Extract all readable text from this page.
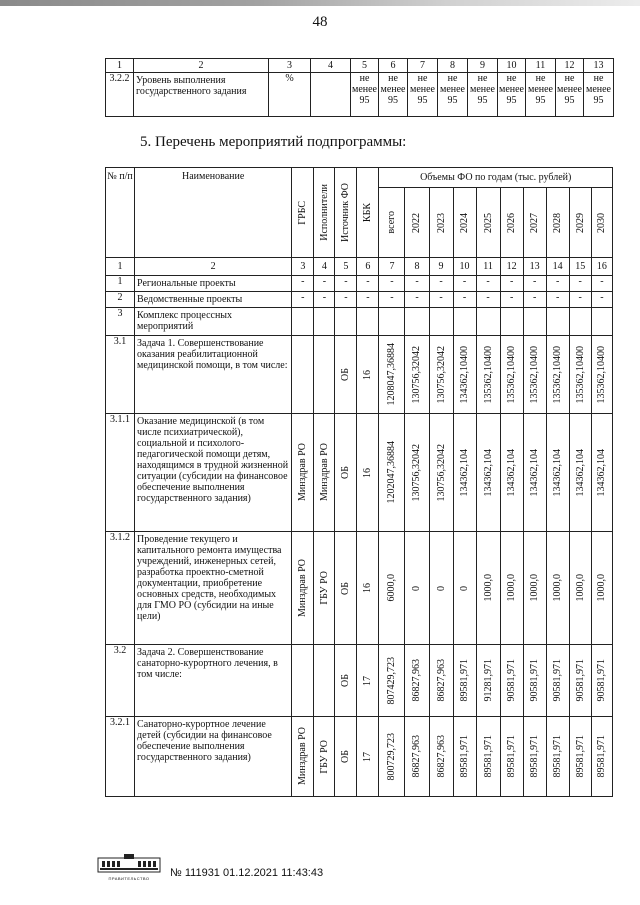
48
1	2	3	4	5	6	7	8	9	10	11	12	13
3.2.2	Уровень выполнения государственного задания	%		не менее 95	не менее 95	не менее 95	не менее 95	не менее 95	не менее 95	не менее 95	не менее 95	не менее 95
5. Перечень мероприятий подпрограммы:
№ п/п	Наименование	ГРБС	Исполнители	Источник ФО	КБК	Объемы ФО по годам (тыс. рублей)									

						всего	2022	2023	2024	2025	2026	2027	2028	2029	2030

1	2	3	4	5	6	7	8	9	10	11	12	13	14	15	16
1	Региональные проекты	-	-	-	-	-	-	-	-	-	-	-	-	-	-
2	Ведомственные проекты	-	-	-	-	-	-	-	-	-	-	-	-	-	-
3	Комплекс процессных мероприятий	

3.1	Задача 1. Совершенствование оказания реабилитационной медицинской помощи, в том числе:			ОБ	16	1208047,36884	130756,32042	130756,32042	134362,10400	135362,10400	135362,10400	135362,10400	135362,10400	135362,10400	135362,10400

3.1.1	Оказание медицинской (в том числе психиатрической), социальной и психолого-педагогической помощи детям, находящимся в трудной жизненной ситуации (субсидии на финансовое обеспечение выполнения государственного задания)	Минздрав РО	Минздрав РО	ОБ	16	1202047,36884	130756,32042	130756,32042	134362,104	134362,104	134362,104	134362,104	134362,104	134362,104	134362,104

3.1.2	Проведение текущего и капитального ремонта имущества учреждений, инженерных сетей, разработка проектно-сметной документации, приобретение основных средств, необходимых для ГМО РО (субсидии на иные цели)	Минздрав РО	ГБУ РО	ОБ	16	6000,0	0	0	0	1000,0	1000,0	1000,0	1000,0	1000,0	1000,0

3.2	Задача 2. Совершенствование санаторно-курортного лечения, в том числе:			ОБ	17	807429,723	86827,963	86827,963	89581,971	91281,971	90581,971	90581,971	90581,971	90581,971	90581,971

3.2.1	Санаторно-курортное лечение детей (субсидии на финансовое обеспечение выполнения государственного задания)	Минздрав РО	ГБУ РО	ОБ	17	800729,723	86827,963	86827,963	89581,971	89581,971	89581,971	89581,971	89581,971	89581,971	89581,971
ПРАВИТЕЛЬСТВО	№ 111931 01.12.2021 11:43:43
